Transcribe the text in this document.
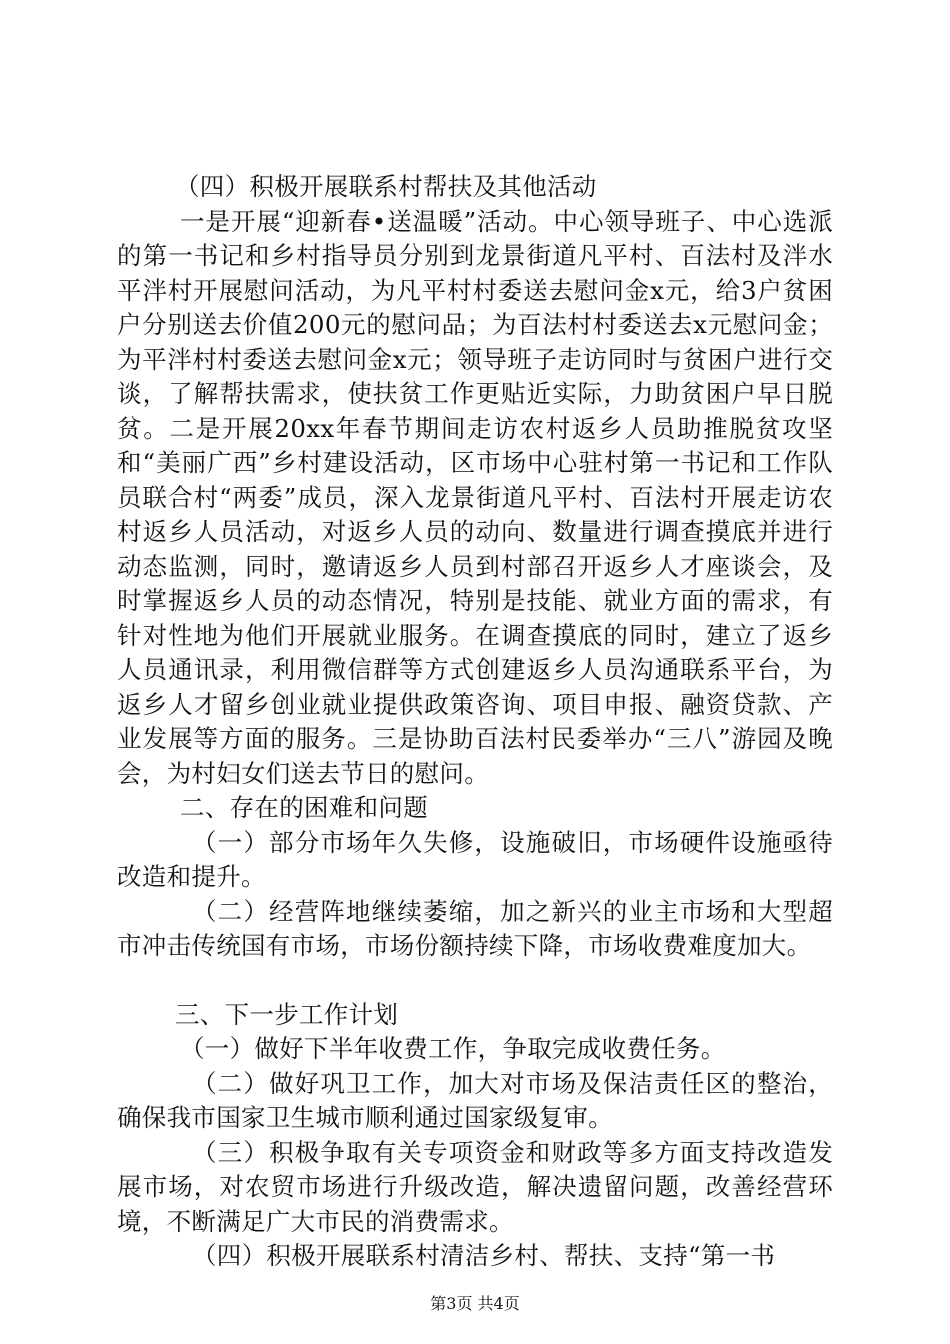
（四）积极开展联系村帮扶及其他活动

一是开展“迎新春•送温暖”活动。中心领导班子、中心选派的第一书记和乡村指导员分别到龙景街道凡平村、百法村及泮水平泮村开展慰问活动，为凡平村村委送去慰问金x元，给3户贫困户分别送去价值200元的慰问品；为百法村村委送去x元慰问金；为平泮村村委送去慰问金x元；领导班子走访同时与贫困户进行交谈，了解帮扶需求，使扶贫工作更贴近实际，力助贫困户早日脱贫。二是开展20xx年春节期间走访农村返乡人员助推脱贫攻坚和“美丽广西”乡村建设活动，区市场中心驻村第一书记和工作队员联合村“两委”成员，深入龙景街道凡平村、百法村开展走访农村返乡人员活动，对返乡人员的动向、数量进行调查摸底并进行动态监测，同时，邀请返乡人员到村部召开返乡人才座谈会，及时掌握返乡人员的动态情况，特别是技能、就业方面的需求，有针对性地为他们开展就业服务。在调查摸底的同时，建立了返乡人员通讯录，利用微信群等方式创建返乡人员沟通联系平台，为返乡人才留乡创业就业提供政策咨询、项目申报、融资贷款、产业发展等方面的服务。三是协助百法村民委举办“三八”游园及晚会，为村妇女们送去节日的慰问。

二、存在的困难和问题

（一）部分市场年久失修，设施破旧，市场硬件设施亟待改造和提升。

（二）经营阵地继续萎缩，加之新兴的业主市场和大型超市冲击传统国有市场，市场份额持续下降，市场收费难度加大。

三、下一步工作计划

（一）做好下半年收费工作，争取完成收费任务。

（二）做好巩卫工作，加大对市场及保洁责任区的整治，确保我市国家卫生城市顺利通过国家级复审。

（三）积极争取有关专项资金和财政等多方面支持改造发展市场，对农贸市场进行升级改造，解决遗留问题，改善经营环境，不断满足广大市民的消费需求。

（四）积极开展联系村清洁乡村、帮扶、支持“第一书

第3页 共4页
